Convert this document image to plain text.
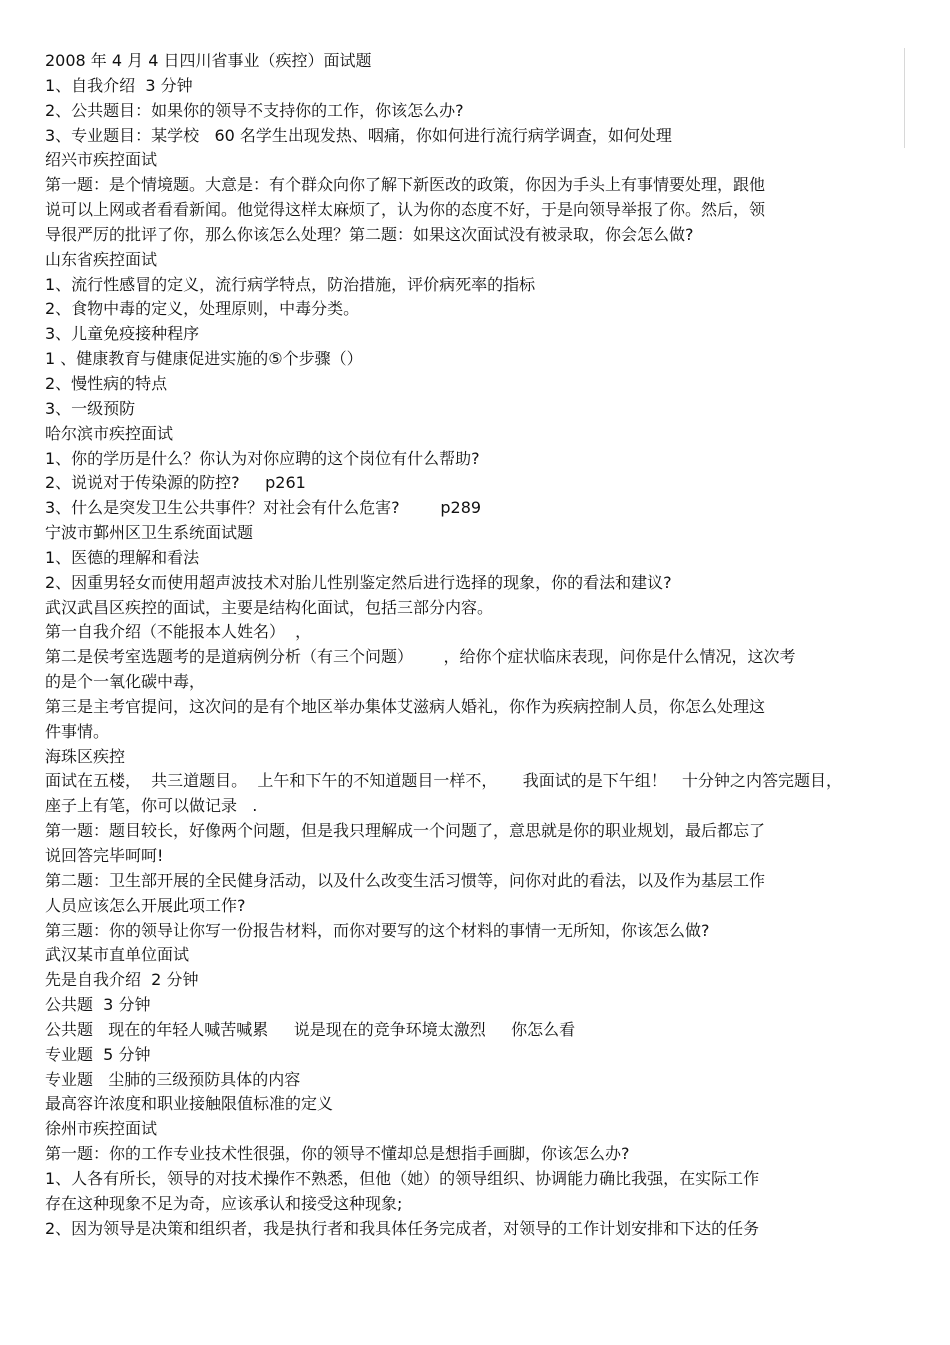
2008 年 4 月 4 日四川省事业（疾控）面试题
1、自我介绍  3 分钟
2、公共题目：如果你的领导不支持你的工作，你该怎么办?
3、专业题目：某学校   60 名学生出现发热、咽痛，你如何进行流行病学调查，如何处理
绍兴市疾控面试
第一题：是个情境题。大意是：有个群众向你了解下新医改的政策，你因为手头上有事情要处理，跟他
说可以上网或者看看新闻。他觉得这样太麻烦了，认为你的态度不好，于是向领导举报了你。然后，领
导很严厉的批评了你，那么你该怎么处理？第二题：如果这次面试没有被录取，你会怎么做?
山东省疾控面试
1、流行性感冒的定义，流行病学特点，防治措施，评价病死率的指标
2、食物中毒的定义，处理原则，中毒分类。
3、儿童免疫接种程序
1 、健康教育与健康促进实施的⑤个步骤（）
2、慢性病的特点
3、一级预防
哈尔滨市疾控面试
1、你的学历是什么？你认为对你应聘的这个岗位有什么帮助?
2、说说对于传染源的防控?     p261
3、什么是突发卫生公共事件？对社会有什么危害?        p289
宁波市鄞州区卫生系统面试题
1、医德的理解和看法
2、因重男轻女而使用超声波技术对胎儿性别鉴定然后进行选择的现象，你的看法和建议?
武汉武昌区疾控的面试，主要是结构化面试，包括三部分内容。
第一自我介绍（不能报本人姓名）  ，
第二是侯考室选题考的是道病例分析（有三个问题）      ，给你个症状临床表现，问你是什么情况，这次考
的是个一氧化碳中毒，
第三是主考官提问，这次问的是有个地区举办集体艾滋病人婚礼，你作为疾病控制人员，你怎么处理这
件事情。
海珠区疾控
面试在五楼，  共三道题目。  上午和下午的不知道题目一样不，     我面试的是下午组！   十分钟之内答完题目，
座子上有笔，你可以做记录   .
第一题：题目较长，好像两个问题，但是我只理解成一个问题了，意思就是你的职业规划，最后都忘了
说回答完毕呵呵!
第二题：卫生部开展的全民健身活动，以及什么改变生活习惯等，问你对此的看法，以及作为基层工作
人员应该怎么开展此项工作?
第三题：你的领导让你写一份报告材料，而你对要写的这个材料的事情一无所知，你该怎么做?
武汉某市直单位面试
先是自我介绍  2 分钟
公共题  3 分钟
公共题   现在的年轻人喊苦喊累     说是现在的竞争环境太激烈     你怎么看
专业题  5 分钟
专业题   尘肺的三级预防具体的内容
最高容许浓度和职业接触限值标准的定义
徐州市疾控面试
第一题：你的工作专业技术性很强，你的领导不懂却总是想指手画脚，你该怎么办?
1、人各有所长，领导的对技术操作不熟悉，但他（她）的领导组织、协调能力确比我强，在实际工作
存在这种现象不足为奇，应该承认和接受这种现象;
2、因为领导是决策和组织者，我是执行者和我具体任务完成者，对领导的工作计划安排和下达的任务
